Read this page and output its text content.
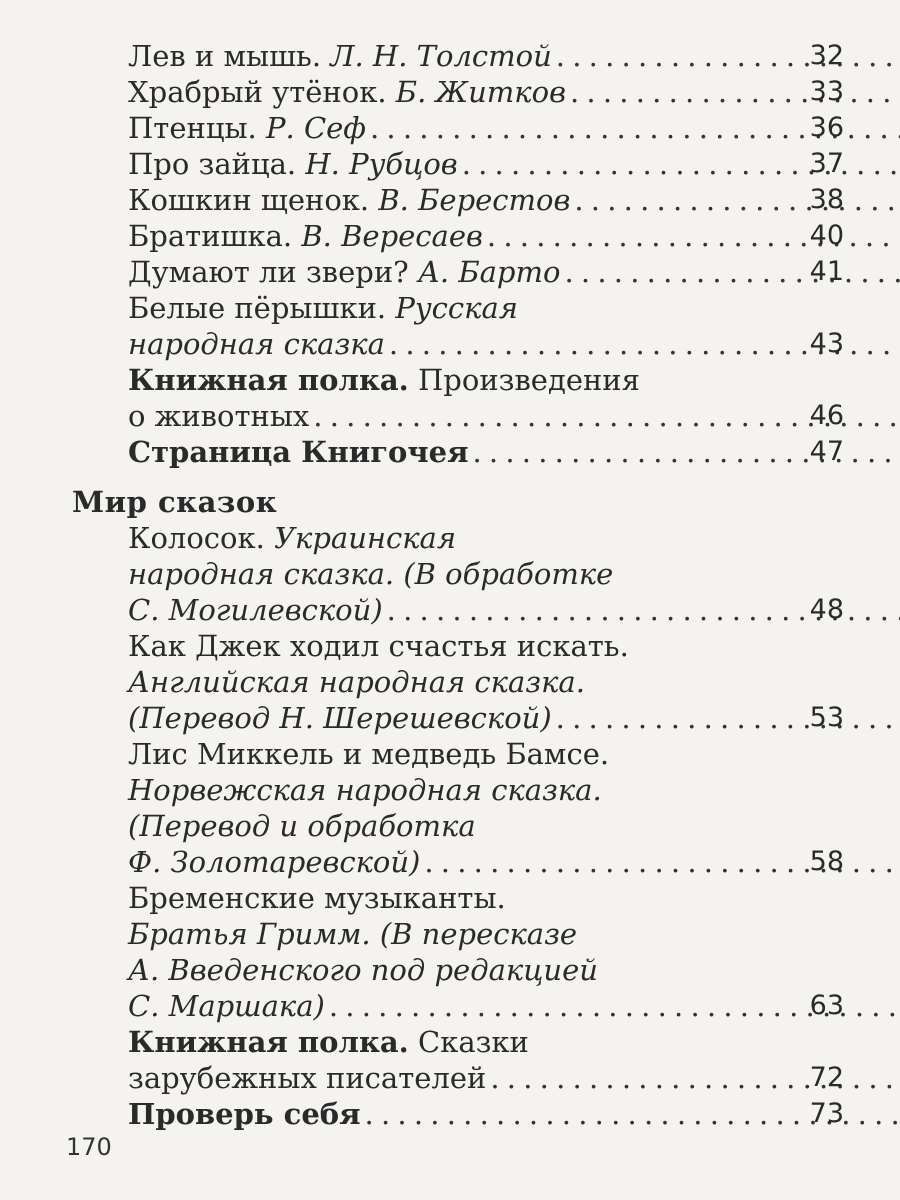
Лев и мышь. Л. Н. Толстой . . .	32
Храбрый утёнок. Б. Житков . . .	33
Птенцы. Р. Сеф . . .	36
Про зайца. Н. Рубцов . . .	37
Кошкин щенок. В. Берестов . . .	38
Братишка. В. Вересаев . . .	40
Думают ли звери? А. Барто . . .	41
Белые пёрышки. Русская
народная сказка . . .	43
Книжная полка. Произведения
о животных . . .	46
Страница Книгочея . . .	47
Мир сказок
Колосок. Украинская
народная сказка. (В обработке
С. Могилевской) . . .	48
Как Джек ходил счастья искать.
Английская народная сказка.
(Перевод Н. Шерешевской) . . .	53
Лис Миккель и медведь Бамсе.
Норвежская народная сказка.
(Перевод и обработка
Ф. Золотаревской) . . .	58
Бременские музыканты.
Братья Гримм. (В пересказе
А. Введенского под редакцией
С. Маршака) . . .	63
Книжная полка. Сказки
зарубежных писателей . . .	72
Проверь себя . . .	73
170
